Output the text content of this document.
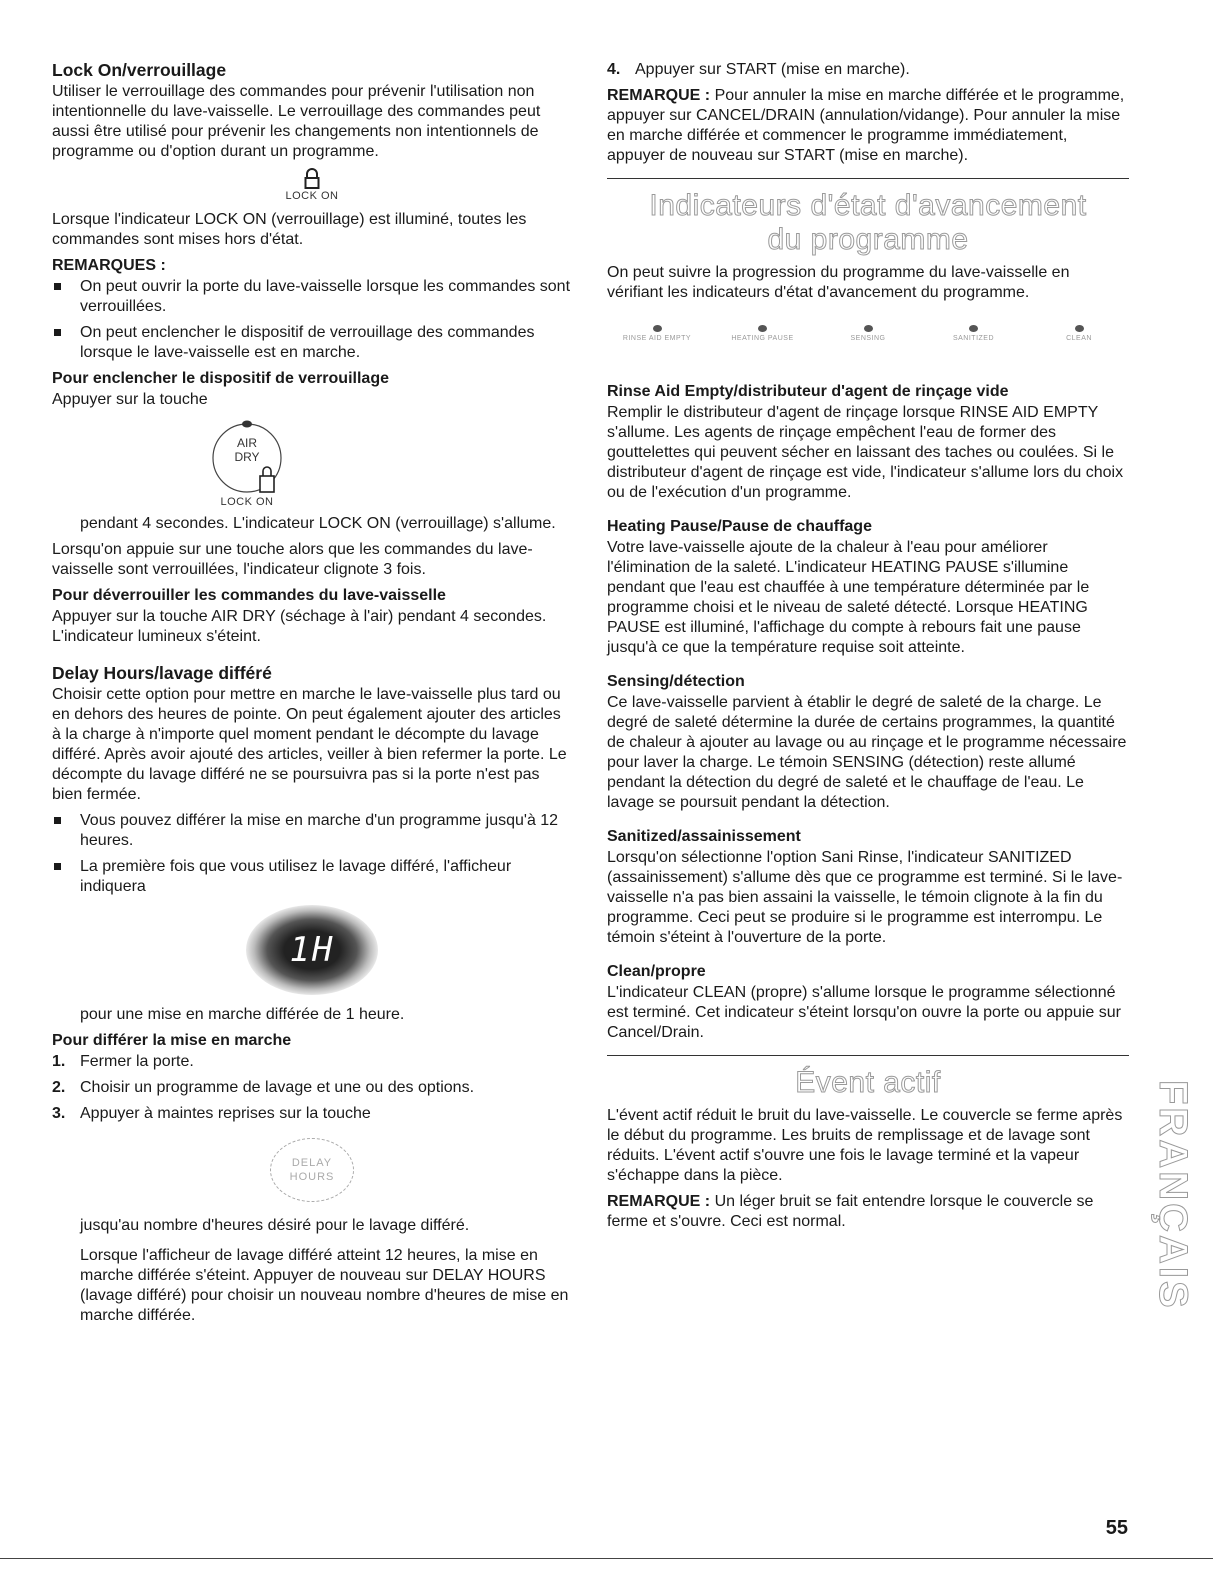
Lock On/verrouillage

Utiliser le verrouillage des commandes pour prévenir l'utilisation non intentionnelle du lave-vaisselle. Le verrouillage des commandes peut aussi être utilisé pour prévenir les changements non intentionnels de programme ou d'option durant un programme.

LOCK ON

Lorsque l'indicateur LOCK ON (verrouillage) est illuminé, toutes les commandes sont mises hors d'état.

REMARQUES :
On peut ouvrir la porte du lave-vaisselle lorsque les commandes sont verrouillées.
On peut enclencher le dispositif de verrouillage des commandes lorsque le lave-vaisselle est en marche.
Pour enclencher le dispositif de verrouillage

Appuyer sur la touche

AIR
DRY
LOCK ON

pendant 4 secondes. L'indicateur LOCK ON (verrouillage) s'allume.

Lorsqu'on appuie sur une touche alors que les commandes du lave-vaisselle sont verrouillées, l'indicateur clignote 3 fois.

Pour déverrouiller les commandes du lave-vaisselle

Appuyer sur la touche AIR DRY (séchage à l'air) pendant 4 secondes. L'indicateur lumineux s'éteint.

Delay Hours/lavage différé

Choisir cette option pour mettre en marche le lave-vaisselle plus tard ou en dehors des heures de pointe. On peut également ajouter des articles à la charge à n'importe quel moment pendant le décompte du lavage différé. Après avoir ajouté des articles, veiller à bien refermer la porte. Le décompte du lavage différé ne se poursuivra pas si la porte n'est pas bien fermée.

Vous pouvez différer la mise en marche d'un programme jusqu'à 12 heures.
La première fois que vous utilisez le lavage différé, l'afficheur indiquera
1H

pour une mise en marche différée de 1 heure.

Pour différer la mise en marche
1. Fermer la porte.
2. Choisir un programme de lavage et une ou des options.
3. Appuyer à maintes reprises sur la touche
DELAY
HOURS

jusqu'au nombre d'heures désiré pour le lavage différé.

Lorsque l'afficheur de lavage différé atteint 12 heures, la mise en marche différée s'éteint. Appuyer de nouveau sur DELAY HOURS (lavage différé) pour choisir un nouveau nombre d'heures de mise en marche différée.

4. Appuyer sur START (mise en marche).

REMARQUE : Pour annuler la mise en marche différée et le programme, appuyer sur CANCEL/DRAIN (annulation/vidange). Pour annuler la mise en marche différée et commencer le programme immédiatement, appuyer de nouveau sur START (mise en marche).

Indicateurs d'état d'avancement
du programme

On peut suivre la progression du programme du lave-vaisselle en vérifiant les indicateurs d'état d'avancement du programme.

RINSE AID EMPTY	HEATING PAUSE	SENSING	SANITIZED	CLEAN
Rinse Aid Empty/distributeur d'agent de rinçage vide

Remplir le distributeur d'agent de rinçage lorsque RINSE AID EMPTY s'allume. Les agents de rinçage empêchent l'eau de former des gouttelettes qui peuvent sécher en laissant des taches ou coulées. Si le distributeur d'agent de rinçage est vide, l'indicateur s'allume lors du choix ou de l'exécution d'un programme.

Heating Pause/Pause de chauffage

Votre lave-vaisselle ajoute de la chaleur à l'eau pour améliorer l'élimination de la saleté. L'indicateur HEATING PAUSE s'illumine pendant que l'eau est chauffée à une température déterminée par le programme choisi et le niveau de saleté détecté. Lorsque HEATING PAUSE est illuminé, l'affichage du compte à rebours fait une pause jusqu'à ce que la température requise soit atteinte.

Sensing/détection

Ce lave-vaisselle parvient à établir le degré de saleté de la charge. Le degré de saleté détermine la durée de certains programmes, la quantité de chaleur à ajouter au lavage ou au rinçage et le programme nécessaire pour laver la charge. Le témoin SENSING (détection) reste allumé pendant la détection du degré de saleté et le chauffage de l'eau. Le lavage se poursuit pendant la détection.

Sanitized/assainissement

Lorsqu'on sélectionne l'option Sani Rinse, l'indicateur SANITIZED (assainissement) s'allume dès que ce programme est terminé. Si le lave-vaisselle n'a pas bien assaini la vaisselle, le témoin clignote à la fin du programme. Ceci peut se produire si le programme est interrompu. Le témoin s'éteint à l'ouverture de la porte.

Clean/propre

L'indicateur CLEAN (propre) s'allume lorsque le programme sélectionné est terminé. Cet indicateur s'éteint lorsqu'on ouvre la porte ou appuie sur Cancel/Drain.

Évent actif

L'évent actif réduit le bruit du lave-vaisselle. Le couvercle se ferme après le début du programme. Les bruits de remplissage et de lavage sont réduits. L'évent actif s'ouvre une fois le lavage terminé et la vapeur s'échappe dans la pièce.

REMARQUE : Un léger bruit se fait entendre lorsque le couvercle se ferme et s'ouvre. Ceci est normal.	FRANÇAIS
55
